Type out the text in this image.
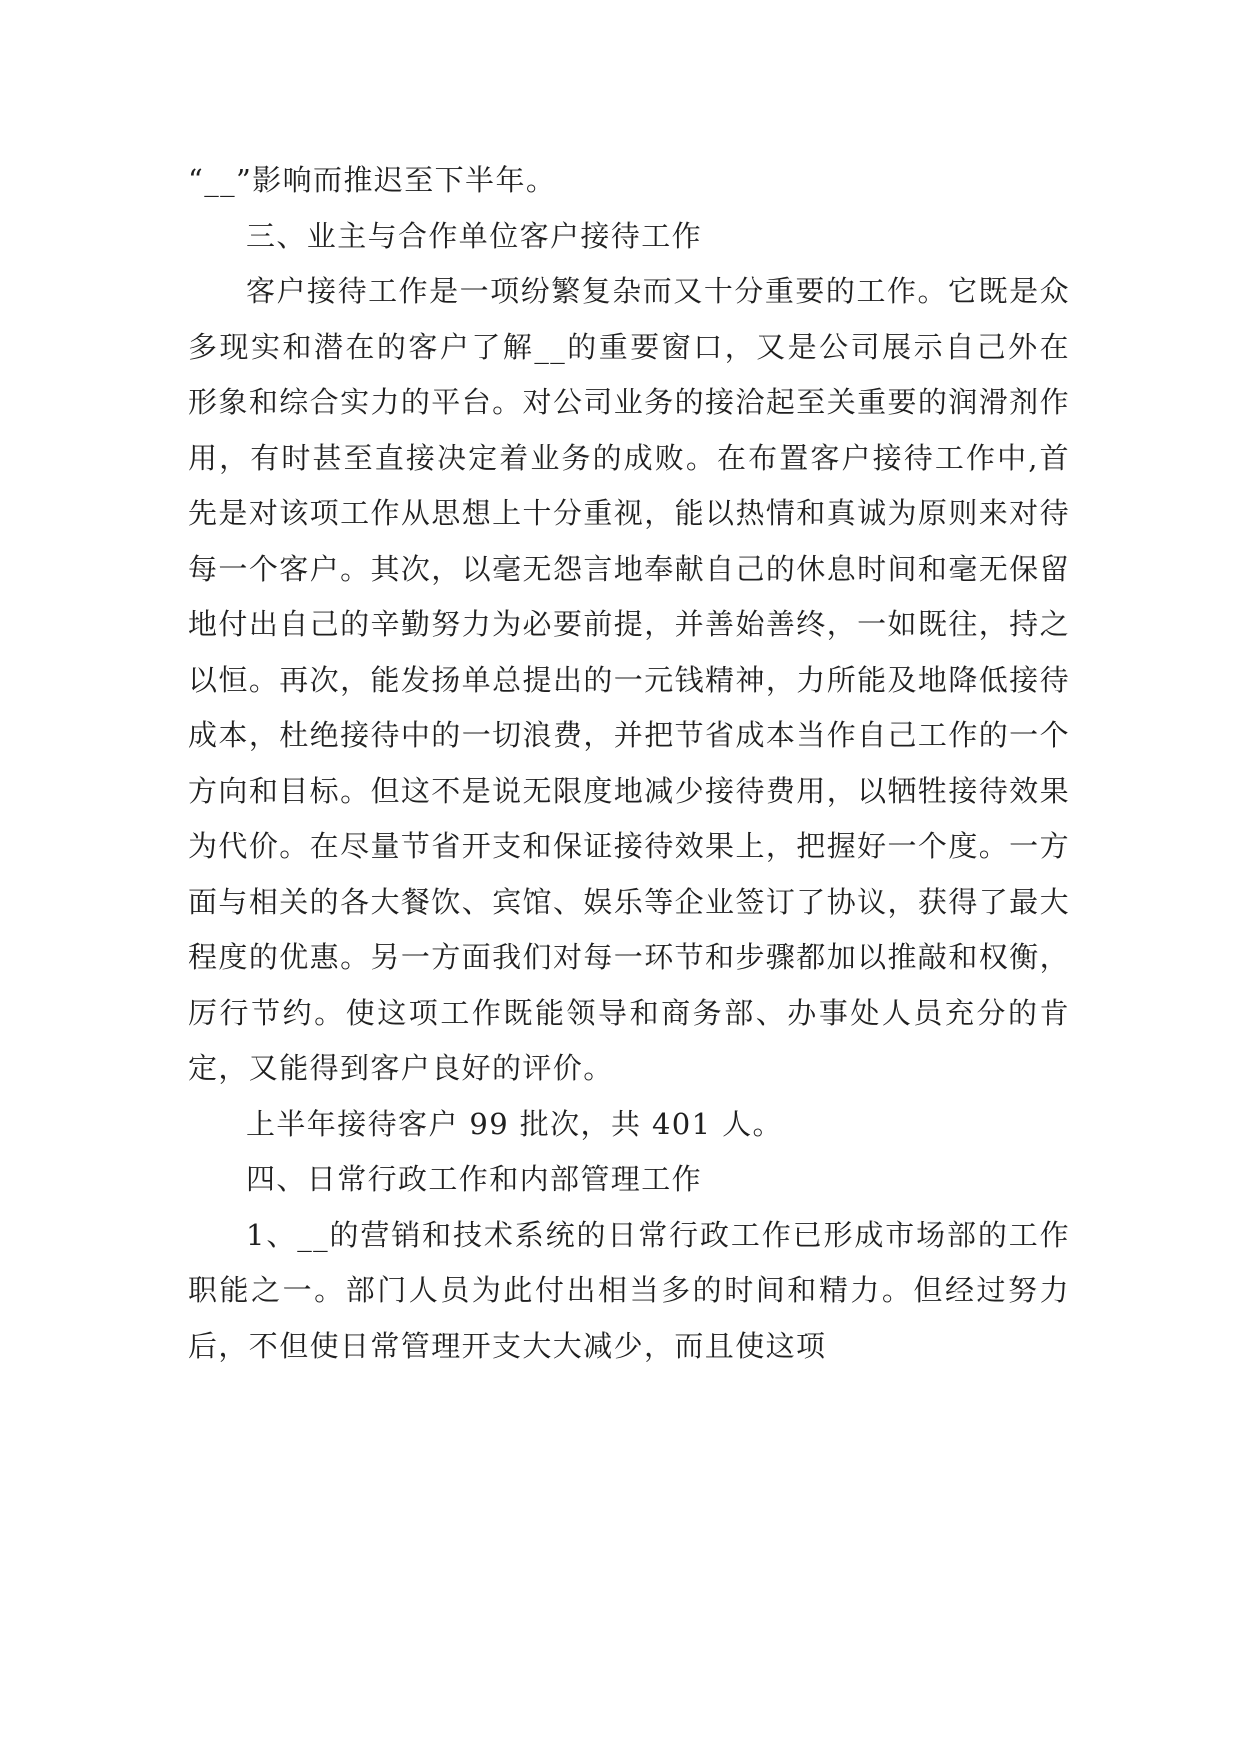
“__”影响而推迟至下半年。

三、业主与合作单位客户接待工作

客户接待工作是一项纷繁复杂而又十分重要的工作。它既是众多现实和潜在的客户了解__的重要窗口，又是公司展示自己外在形象和综合实力的平台。对公司业务的接洽起至关重要的润滑剂作用，有时甚至直接决定着业务的成败。在布置客户接待工作中,首先是对该项工作从思想上十分重视，能以热情和真诚为原则来对待每一个客户。其次，以毫无怨言地奉献自己的休息时间和毫无保留地付出自己的辛勤努力为必要前提，并善始善终，一如既往，持之以恒。再次，能发扬单总提出的一元钱精神，力所能及地降低接待成本，杜绝接待中的一切浪费，并把节省成本当作自己工作的一个方向和目标。但这不是说无限度地减少接待费用，以牺牲接待效果为代价。在尽量节省开支和保证接待效果上，把握好一个度。一方面与相关的各大餐饮、宾馆、娱乐等企业签订了协议，获得了最大程度的优惠。另一方面我们对每一环节和步骤都加以推敲和权衡，厉行节约。使这项工作既能领导和商务部、办事处人员充分的肯定，又能得到客户良好的评价。

上半年接待客户 99 批次，共 401 人。

四、日常行政工作和内部管理工作

1、__的营销和技术系统的日常行政工作已形成市场部的工作职能之一。部门人员为此付出相当多的时间和精力。但经过努力后，不但使日常管理开支大大减少，而且使这项
